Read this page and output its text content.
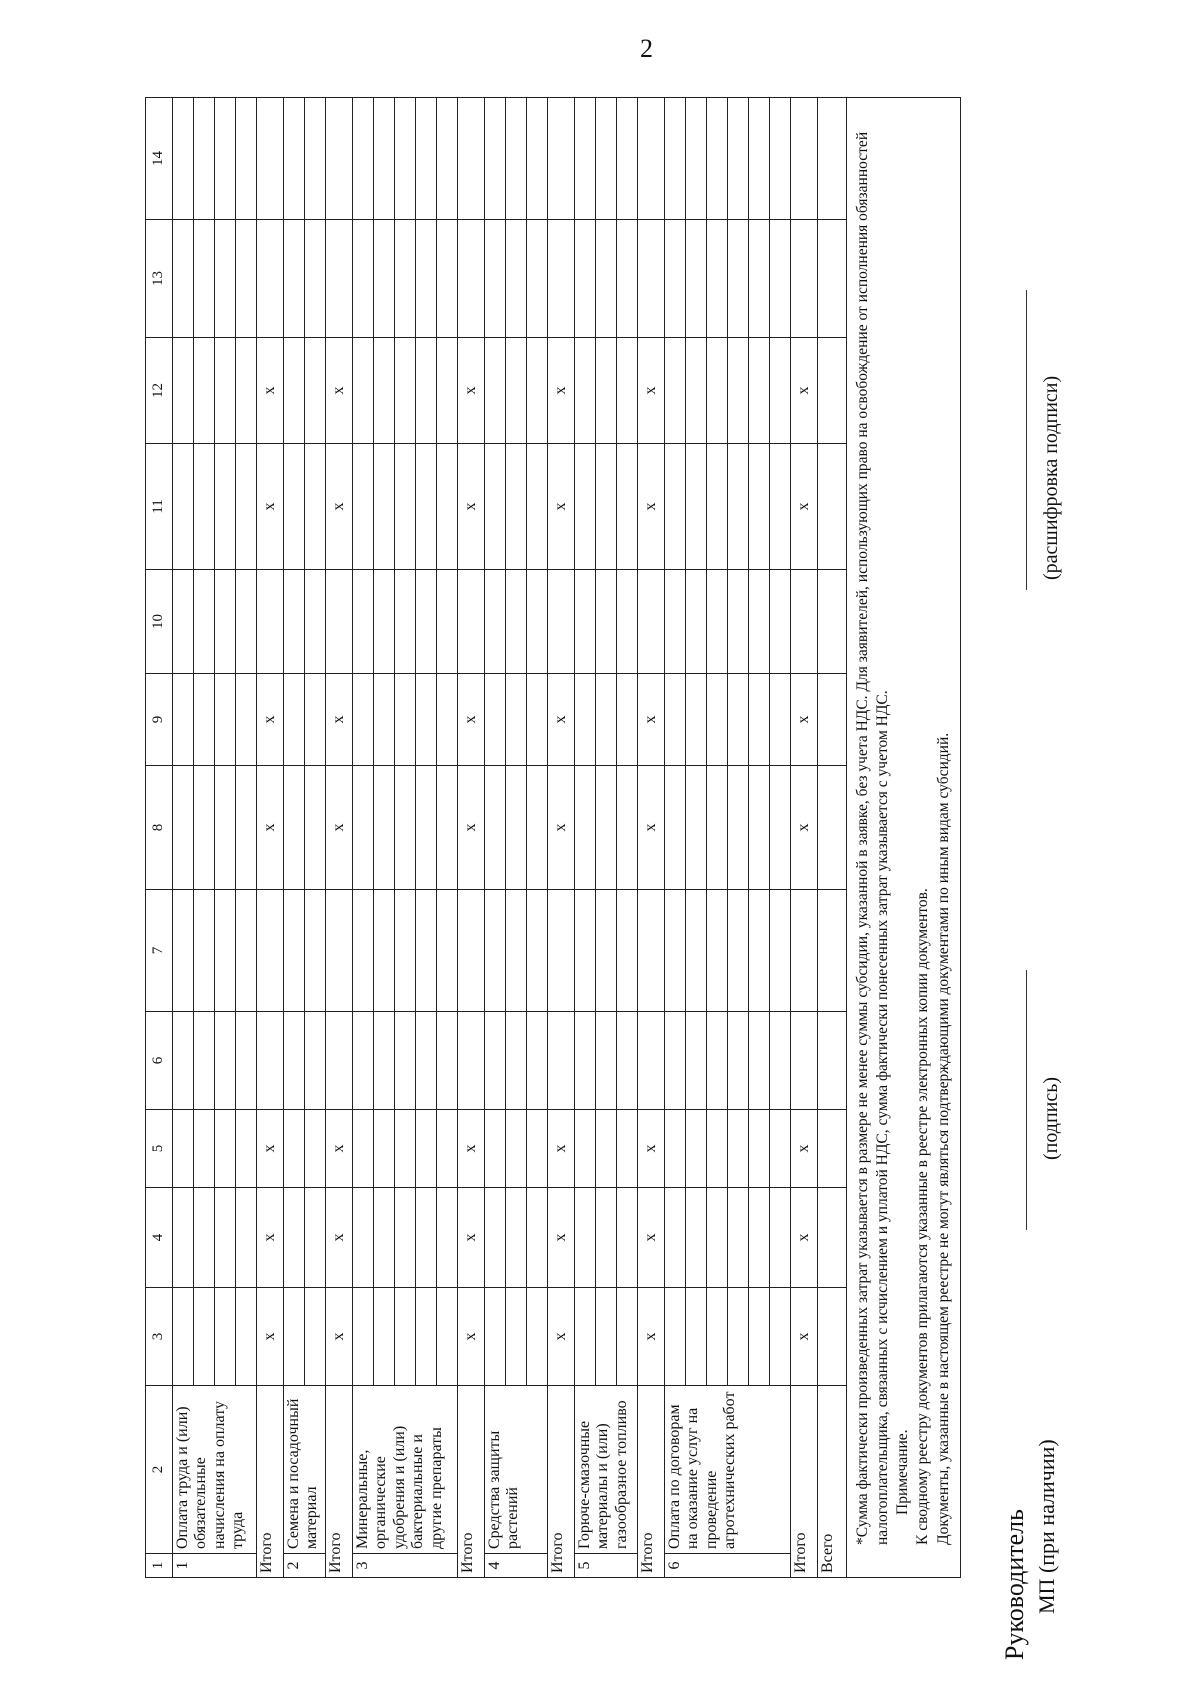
2
1	2	3	4	5	6	7	8	9	10	11	12	13	14
1	Оплата труда и (или) обязательные начисления на оплату труда												

Итого		x	x	x			x	x		x	x		
2	Семена и посадочный материал												

Итого		x	x	x			x	x		x	x		
3	Минеральные, органические удобрения и (или) бактериальные и другие препараты												

Итого		x	x	x			x	x		x	x		
4	Средства защиты растений												

Итого		x	x	x			x	x		x	x		
5	Горюче-смазочные материалы и (или) газообразное топливо												

Итого		x	x	x			x	x		x	x		
6	Оплата по договорам на оказание услуг на проведение агротехнических работ												

Итого		x	x	x			x	x		x	x		
Всего													

*Сумма фактически произведенных затрат указывается в размере не менее суммы субсидии, указанной в заявке, без учета НДС. Для заявителей, использующих право на освобождение от исполнения обязанностей налогоплательщика, связанных с исчислением и уплатой НДС, сумма фактически понесенных затрат указывается с учетом НДС. Примечание. К сводному реестру документов прилагаются указанные в реестре электронных копии документов. Документы, указанные в настоящем реестре не могут являться подтверждающими документами по иным видам субсидий.													

Руководитель МП (при наличии)
(подпись)
(расшифровка подписи)
